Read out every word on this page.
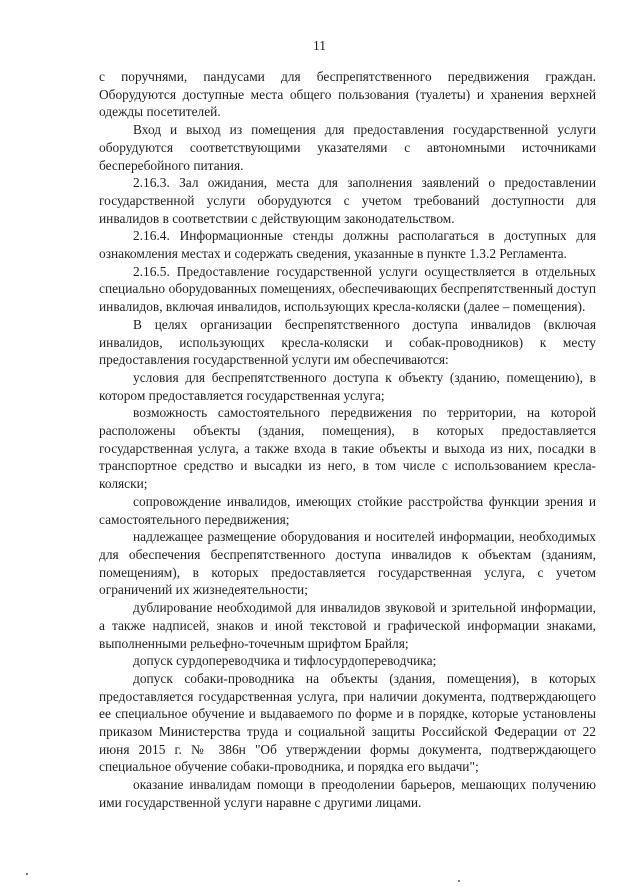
11

с поручнями, пандусами для беспрепятственного передвижения граждан. Оборудуются доступные места общего пользования (туалеты) и хранения верхней одежды посетителей.

Вход и выход из помещения для предоставления государственной услуги оборудуются соответствующими указателями с автономными источниками бесперебойного питания.

2.16.3. Зал ожидания, места для заполнения заявлений о предоставлении государственной услуги оборудуются с учетом требований доступности для инвалидов в соответствии с действующим законодательством.

2.16.4. Информационные стенды должны располагаться в доступных для ознакомления местах и содержать сведения, указанные в пункте 1.3.2 Регламента.

2.16.5. Предоставление государственной услуги осуществляется в отдельных специально оборудованных помещениях, обеспечивающих беспрепятственный доступ инвалидов, включая инвалидов, использующих кресла-коляски (далее – помещения).

В целях организации беспрепятственного доступа инвалидов (включая инвалидов, использующих кресла-коляски и собак-проводников) к месту предоставления государственной услуги им обеспечиваются:

условия для беспрепятственного доступа к объекту (зданию, помещению), в котором предоставляется государственная услуга;

возможность самостоятельного передвижения по территории, на которой расположены объекты (здания, помещения), в которых предоставляется государственная услуга, а также входа в такие объекты и выхода из них, посадки в транспортное средство и высадки из него, в том числе с использованием кресла-коляски;

сопровождение инвалидов, имеющих стойкие расстройства функции зрения и самостоятельного передвижения;

надлежащее размещение оборудования и носителей информации, необходимых для обеспечения беспрепятственного доступа инвалидов к объектам (зданиям, помещениям), в которых предоставляется государственная услуга, с учетом ограничений их жизнедеятельности;

дублирование необходимой для инвалидов звуковой и зрительной информации, а также надписей, знаков и иной текстовой и графической информации знаками, выполненными рельефно-точечным шрифтом Брайля;

допуск сурдопереводчика и тифлосурдопереводчика;

допуск собаки-проводника на объекты (здания, помещения), в которых предоставляется государственная услуга, при наличии документа, подтверждающего ее специальное обучение и выдаваемого по форме и в порядке, которые установлены приказом Министерства труда и социальной защиты Российской Федерации от 22 июня 2015 г. № 386н "Об утверждении формы документа, подтверждающего специальное обучение собаки-проводника, и порядка его выдачи";

оказание инвалидам помощи в преодолении барьеров, мешающих получению ими государственной услуги наравне с другими лицами.
